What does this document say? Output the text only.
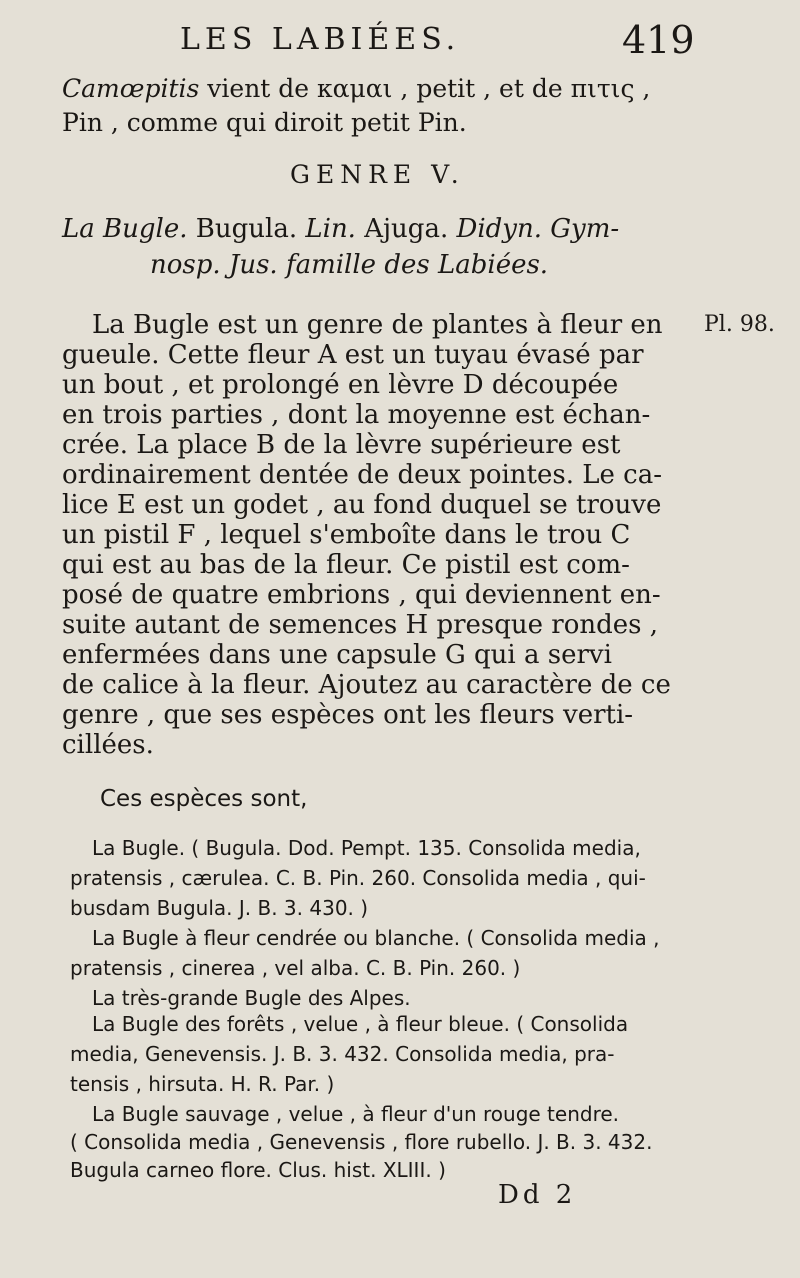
LES LABIÉES.	419
Camœpitis vient de καμαι , petit , et de πιτις ,
Pin , comme qui diroit petit Pin.
GENRE V.
La Bugle. Bugula. Lin. Ajuga. Didyn. Gym-
nosp. Jus. famille des Labiées.
Pl. 98.
La Bugle est un genre de plantes à fleur en
gueule. Cette fleur A est un tuyau évasé par
un bout , et prolongé en lèvre D découpée
en trois parties , dont la moyenne est échan-
crée. La place B de la lèvre supérieure est
ordinairement dentée de deux pointes. Le ca-
lice E est un godet , au fond duquel se trouve
un pistil F , lequel s'emboîte dans le trou C
qui est au bas de la fleur. Ce pistil est com-
posé de quatre embrions , qui deviennent en-
suite autant de semences H presque rondes ,
enfermées dans une capsule G qui a servi
de calice à la fleur. Ajoutez au caractère de ce
genre , que ses espèces ont les fleurs verti-
cillées.
Ces espèces sont,
La Bugle. ( Bugula. Dod. Pempt. 135. Consolida media,
pratensis , cærulea. C. B. Pin. 260. Consolida media , qui-
busdam Bugula. J. B. 3. 430. )
La Bugle à fleur cendrée ou blanche. ( Consolida media ,
pratensis , cinerea , vel alba. C. B. Pin. 260. )
La très-grande Bugle des Alpes.
La Bugle des forêts , velue , à fleur bleue. ( Consolida
media, Genevensis. J. B. 3. 432. Consolida media, pra-
tensis , hirsuta. H. R. Par. )
La Bugle sauvage , velue , à fleur d'un rouge tendre.
( Consolida media , Genevensis , flore rubello. J. B. 3. 432.
Bugula carneo flore. Clus. hist. XLIII. )
Dd 2
